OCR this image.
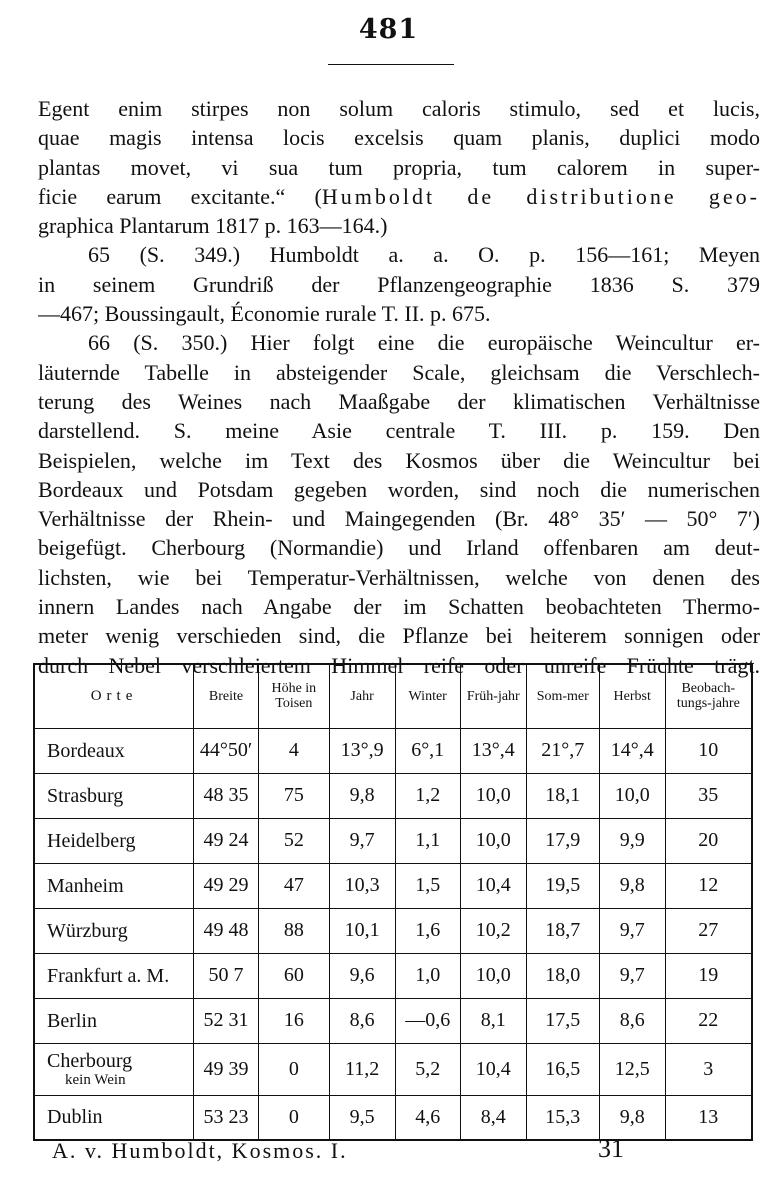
481
Egent enim stirpes non solum caloris stimulo, sed et lucis,
quae magis intensa locis excelsis quam planis, duplici modo
plantas movet, vi sua tum propria, tum calorem in super-
ficie earum excitante.“ (Humboldt de distributione geo-
graphica Plantarum 1817 p. 163—164.)
65 (S. 349.) Humboldt a. a. O. p. 156—161; Meyen
in seinem Grundriß der Pflanzengeographie 1836 S. 379
—467; Boussingault, Économie rurale T. II. p. 675.
66 (S. 350.) Hier folgt eine die europäische Weincultur er-
läuternde Tabelle in absteigender Scale, gleichsam die Verschlech-
terung des Weines nach Maaßgabe der klimatischen Verhältnisse
darstellend. S. meine Asie centrale T. III. p. 159. Den
Beispielen, welche im Text des Kosmos über die Weincultur bei
Bordeaux und Potsdam gegeben worden, sind noch die numerischen
Verhältnisse der Rhein- und Maingegenden (Br. 48° 35′ — 50° 7′)
beigefügt. Cherbourg (Normandie) und Irland offenbaren am deut-
lichsten, wie bei Temperatur-Verhältnissen, welche von denen des
innern Landes nach Angabe der im Schatten beobachteten Thermo-
meter wenig verschieden sind, die Pflanze bei heiterem sonnigen oder
durch Nebel verschleiertem Himmel reife oder unreife Früchte trägt.
Orte	Breite	Höhe in Toisen	Jahr	Winter	Früh-jahr	Som-mer	Herbst	Beobach-tungs-jahre

Bordeaux	44°50′	4	13°,9	6°,1	13°,4	21°,7	14°,4	10

Strasburg	48 35	75	9,8	1,2	10,0	18,1	10,0	35

Heidelberg	49 24	52	9,7	1,1	10,0	17,9	9,9	20

Manheim	49 29	47	10,3	1,5	10,4	19,5	9,8	12

Würzburg	49 48	88	10,1	1,6	10,2	18,7	9,7	27

Frankfurt a. M.	50 7	60	9,6	1,0	10,0	18,0	9,7	19

Berlin	52 31	16	8,6	—0,6	8,1	17,5	8,6	22

Cherbourg
kein Wein	49 39	0	11,2	5,2	10,4	16,5	12,5	3

Dublin	53 23	0	9,5	4,6	8,4	15,3	9,8	13
A. v. Humboldt, Kosmos. I.	31
